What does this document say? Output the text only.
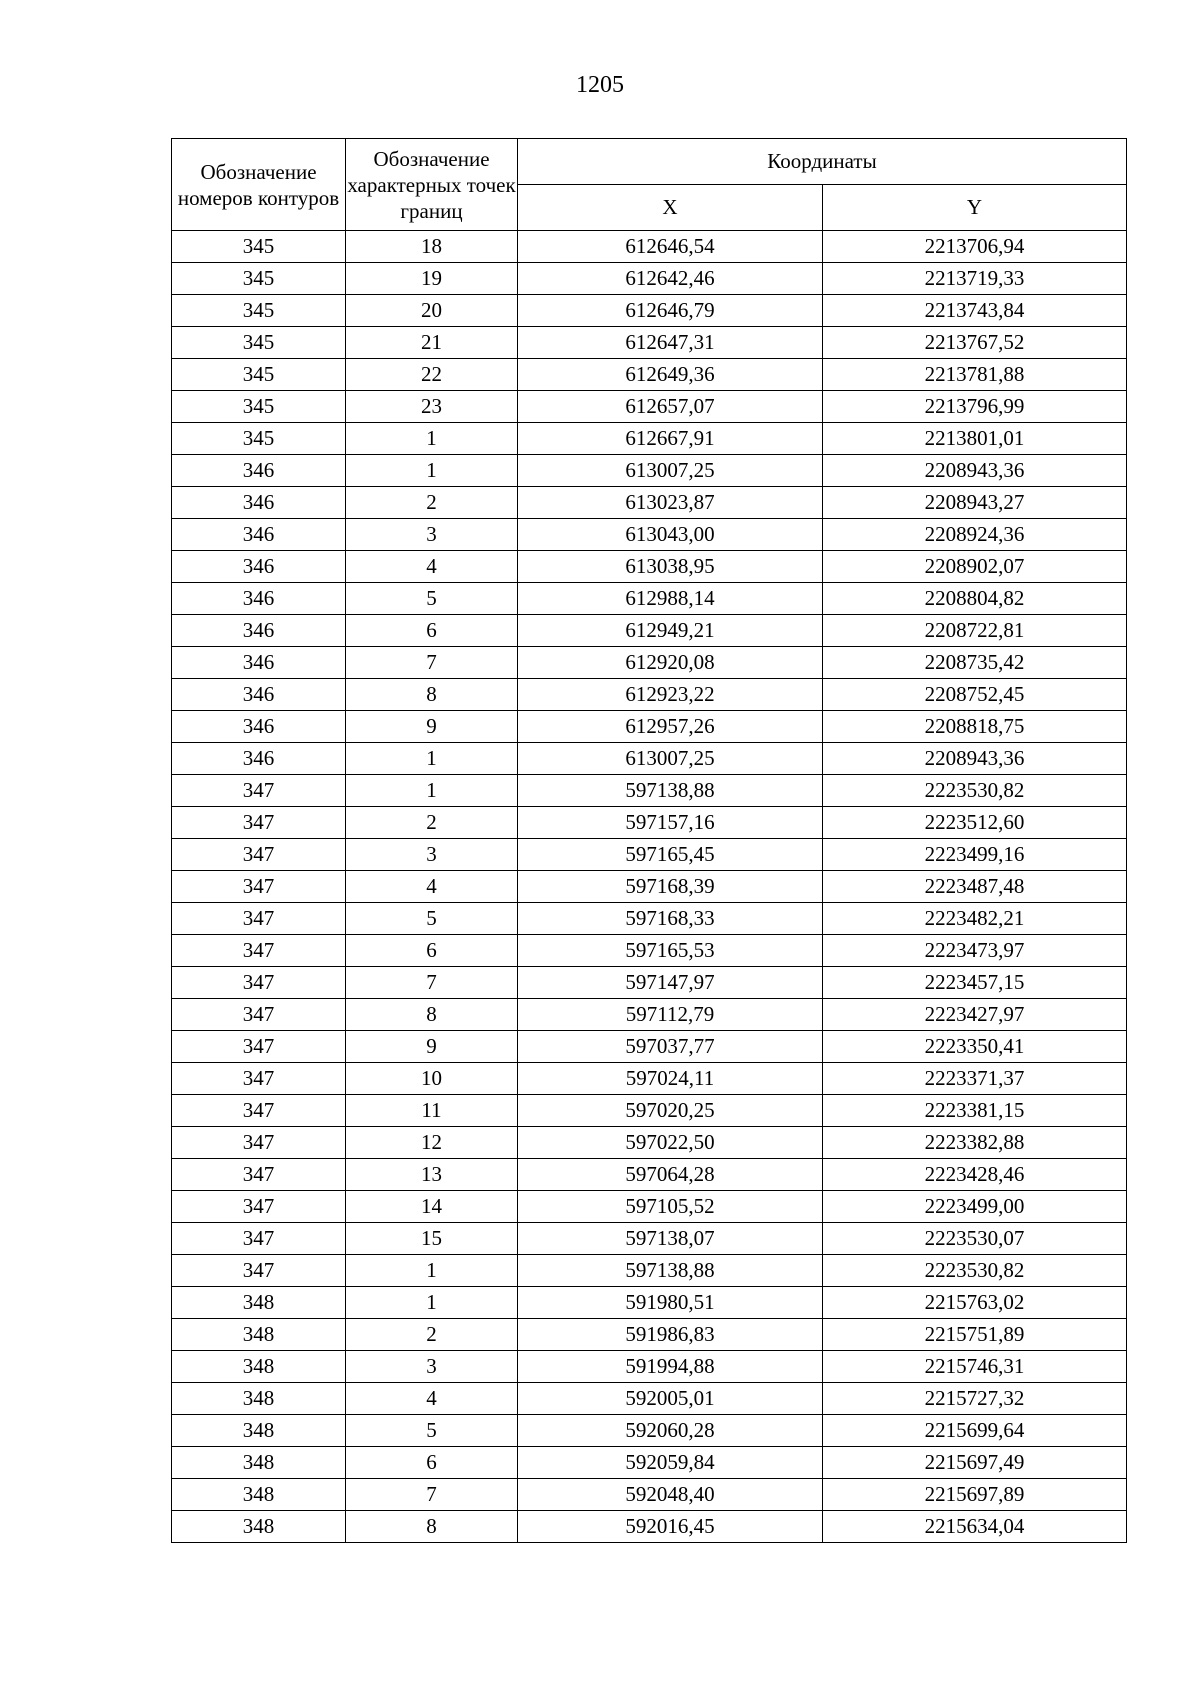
1205
Обозначение номеров контуров	Обозначение характерных точек границ	Координаты	
		X	Y
345	18	612646,54	2213706,94
345	19	612642,46	2213719,33
345	20	612646,79	2213743,84
345	21	612647,31	2213767,52
345	22	612649,36	2213781,88
345	23	612657,07	2213796,99
345	1	612667,91	2213801,01
346	1	613007,25	2208943,36
346	2	613023,87	2208943,27
346	3	613043,00	2208924,36
346	4	613038,95	2208902,07
346	5	612988,14	2208804,82
346	6	612949,21	2208722,81
346	7	612920,08	2208735,42
346	8	612923,22	2208752,45
346	9	612957,26	2208818,75
346	1	613007,25	2208943,36
347	1	597138,88	2223530,82
347	2	597157,16	2223512,60
347	3	597165,45	2223499,16
347	4	597168,39	2223487,48
347	5	597168,33	2223482,21
347	6	597165,53	2223473,97
347	7	597147,97	2223457,15
347	8	597112,79	2223427,97
347	9	597037,77	2223350,41
347	10	597024,11	2223371,37
347	11	597020,25	2223381,15
347	12	597022,50	2223382,88
347	13	597064,28	2223428,46
347	14	597105,52	2223499,00
347	15	597138,07	2223530,07
347	1	597138,88	2223530,82
348	1	591980,51	2215763,02
348	2	591986,83	2215751,89
348	3	591994,88	2215746,31
348	4	592005,01	2215727,32
348	5	592060,28	2215699,64
348	6	592059,84	2215697,49
348	7	592048,40	2215697,89
348	8	592016,45	2215634,04
